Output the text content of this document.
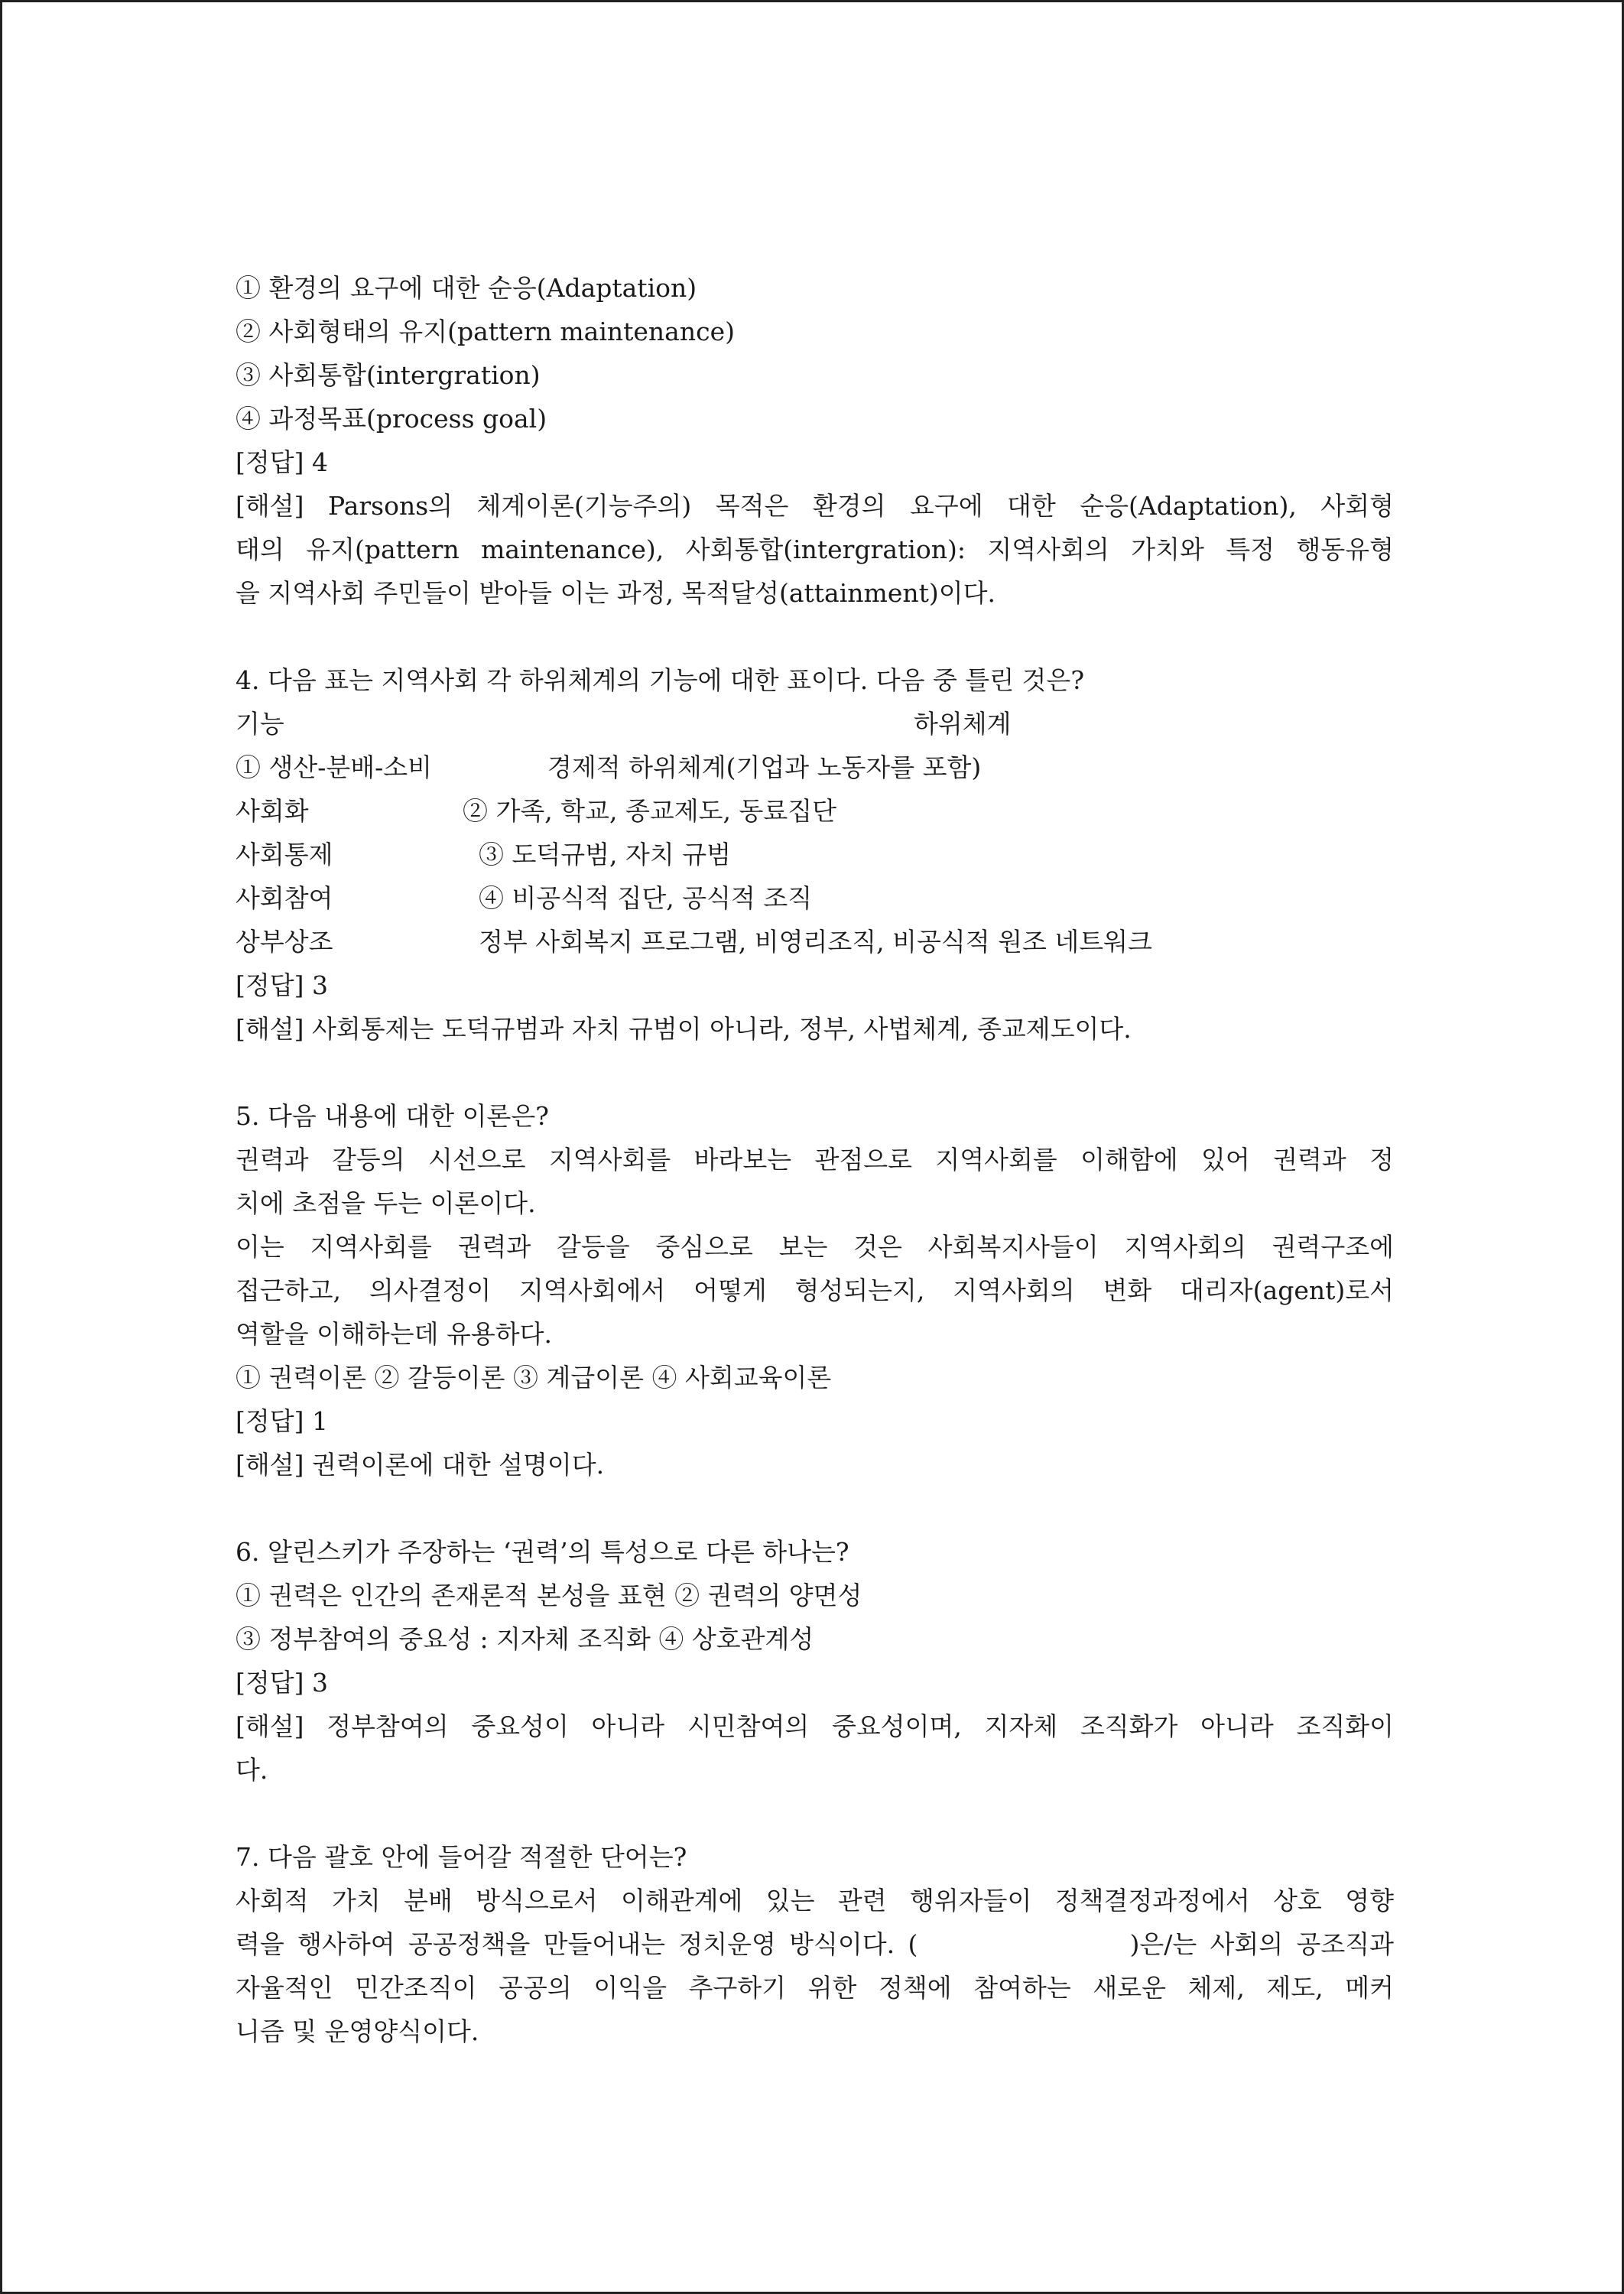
① 환경의 요구에 대한 순응(Adaptation)
② 사회형태의 유지(pattern maintenance)
③ 사회통합(intergration)
④ 과정목표(process goal)
[정답] 4
[해설] Parsons의 체계이론(기능주의) 목적은 환경의 요구에 대한 순응(Adaptation), 사회형
태의 유지(pattern maintenance), 사회통합(intergration): 지역사회의 가치와 특정 행동유형
을 지역사회 주민들이 받아들 이는 과정, 목적달성(attainment)이다.
4. 다음 표는 지역사회 각 하위체계의 기능에 대한 표이다. 다음 중 틀린 것은?
기능	하위체계
① 생산-분배-소비	경제적 하위체계(기업과 노동자를 포함)
사회화	② 가족, 학교, 종교제도, 동료집단
사회통제	③ 도덕규범, 자치 규범
사회참여	④ 비공식적 집단, 공식적 조직
상부상조	정부 사회복지 프로그램, 비영리조직, 비공식적 원조 네트워크
[정답] 3
[해설] 사회통제는 도덕규범과 자치 규범이 아니라, 정부, 사법체계, 종교제도이다.
5. 다음 내용에 대한 이론은?
권력과 갈등의 시선으로 지역사회를 바라보는 관점으로 지역사회를 이해함에 있어 권력과 정
치에 초점을 두는 이론이다.
이는 지역사회를 권력과 갈등을 중심으로 보는 것은 사회복지사들이 지역사회의 권력구조에
접근하고, 의사결정이 지역사회에서 어떻게 형성되는지, 지역사회의 변화 대리자(agent)로서
역할을 이해하는데 유용하다.
① 권력이론 ② 갈등이론 ③ 계급이론 ④ 사회교육이론
[정답] 1
[해설] 권력이론에 대한 설명이다.
6. 알린스키가 주장하는 ‘권력’의 특성으로 다른 하나는?
① 권력은 인간의 존재론적 본성을 표현 ② 권력의 양면성
③ 정부참여의 중요성 : 지자체 조직화 ④ 상호관계성
[정답] 3
[해설] 정부참여의 중요성이 아니라 시민참여의 중요성이며, 지자체 조직화가 아니라 조직화이
다.
7. 다음 괄호 안에 들어갈 적절한 단어는?
사회적 가치 분배 방식으로서 이해관계에 있는 관련 행위자들이 정책결정과정에서 상호 영향
력을 행사하여 공공정책을 만들어내는 정치운영 방식이다. (                )은/는 사회의 공조직과
자율적인 민간조직이 공공의 이익을 추구하기 위한 정책에 참여하는 새로운 체제, 제도, 메커
니즘 및 운영양식이다.
